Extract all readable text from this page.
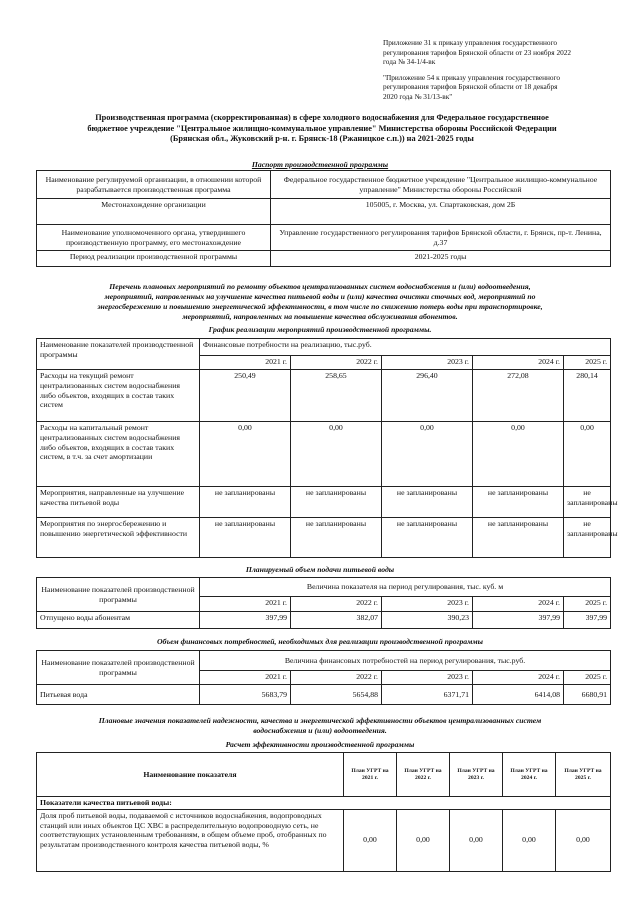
Приложение 31 к приказу управления государственного
регулирования тарифов Брянской области от 23 ноября 2022
года № 34-1/4-вк
"Приложение 54 к приказу управления государственного
регулирования тарифов Брянской области от 18 декабря
2020 года № 31/13-вк"
Производственная программа (скорректированная) в сфере холодного водоснабжения для Федеральное государственное
бюджетное учреждение "Центральное жилищно-коммунальное управление" Министерства обороны Российской Федерации
(Брянская обл., Жуковский р-н. г. Брянск-18 (Ржаницкое с.п.)) на 2021-2025 годы
Паспорт производственной программы
Наименование регулируемой организации, в отношении которой разрабатывается производственная программа	Федеральное государственное бюджетное учреждение "Центральное жилищно-коммунальное управление" Министерства обороны Российской
Местонахождение организации	105005, г. Москва, ул. Спартаковская, дом 2Б
Наименование уполномоченного органа, утвердившего производственную программу, его местонахождение	Управление государственного регулирования тарифов Брянской области, г. Брянск, пр-т. Ленина, д.37
Период реализации производственной программы	2021-2025 годы
Перечень плановых мероприятий по ремонту объектов централизованных систем водоснабжения и (или) водоотведения,
мероприятий, направленных на улучшение качества питьевой воды и (или) качества очистки сточных вод, мероприятий по
энергосбережению и повышению энергетической эффективности, в том числе по снижению потерь воды при транспортировке,
мероприятий, направленных на повышение качества обслуживания абонентов.
График реализации мероприятий производственной программы.
Наименование показателей производственной программы	Финансовые потребности на реализацию, тыс.руб.				
	2021 г.	2022 г.	2023 г.	2024 г.	2025 г.
Расходы на текущий ремонт централизованных систем водоснабжения либо объектов, входящих в состав таких систем	250,49	258,65	296,40	272,08	280,14
Расходы на капитальный ремонт централизованных систем водоснабжения либо объектов, входящих в состав таких систем, в т.ч. за счет амортизации	0,00	0,00	0,00	0,00	0,00
Мероприятия, направленные на улучшение качества питьевой воды	не запланированы	не запланированы	не запланированы	не запланированы	не запланированы
Мероприятия по энергосбережению и повышению энергетической эффективности	не запланированы	не запланированы	не запланированы	не запланированы	не запланированы
Планируемый объем подачи питьевой воды
Наименование показателей производственной программы	Величина показателя на период регулирования, тыс. куб. м				
	2021 г.	2022 г.	2023 г.	2024 г.	2025 г.
Отпущено воды абонентам	397,99	382,07	390,23	397,99	397,99
Объем финансовых потребностей, необходимых для реализации производственной программы
Наименование показателей производственной программы	Величина финансовых потребностей на период регулирования, тыс.руб.				
	2021 г.	2022 г.	2023 г.	2024 г.	2025 г.
Питьевая вода	5683,79	5654,88	6371,71	6414,08	6680,91
Плановые значения показателей надежности, качества и энергетической эффективности объектов централизованных систем
водоснабжения и (или) водоотведения.
Расчет эффективности производственной программы
Наименование показателя	План УГРТ на 2021 г.	План УГРТ на 2022 г.	План УГРТ на 2023 г.	План УГРТ на 2024 г.	План УГРТ на 2025 г.
Показатели качества питьевой воды:					
Доля проб питьевой воды, подаваемой с источников водоснабжения, водопроводных станций или иных объектов ЦС ХВС в распределительную водопроводную сеть, не соответствующих установленным требованиям, в общем объеме проб, отобранных по результатам производственного контроля качества питьевой воды, %	0,00	0,00	0,00	0,00	0,00
